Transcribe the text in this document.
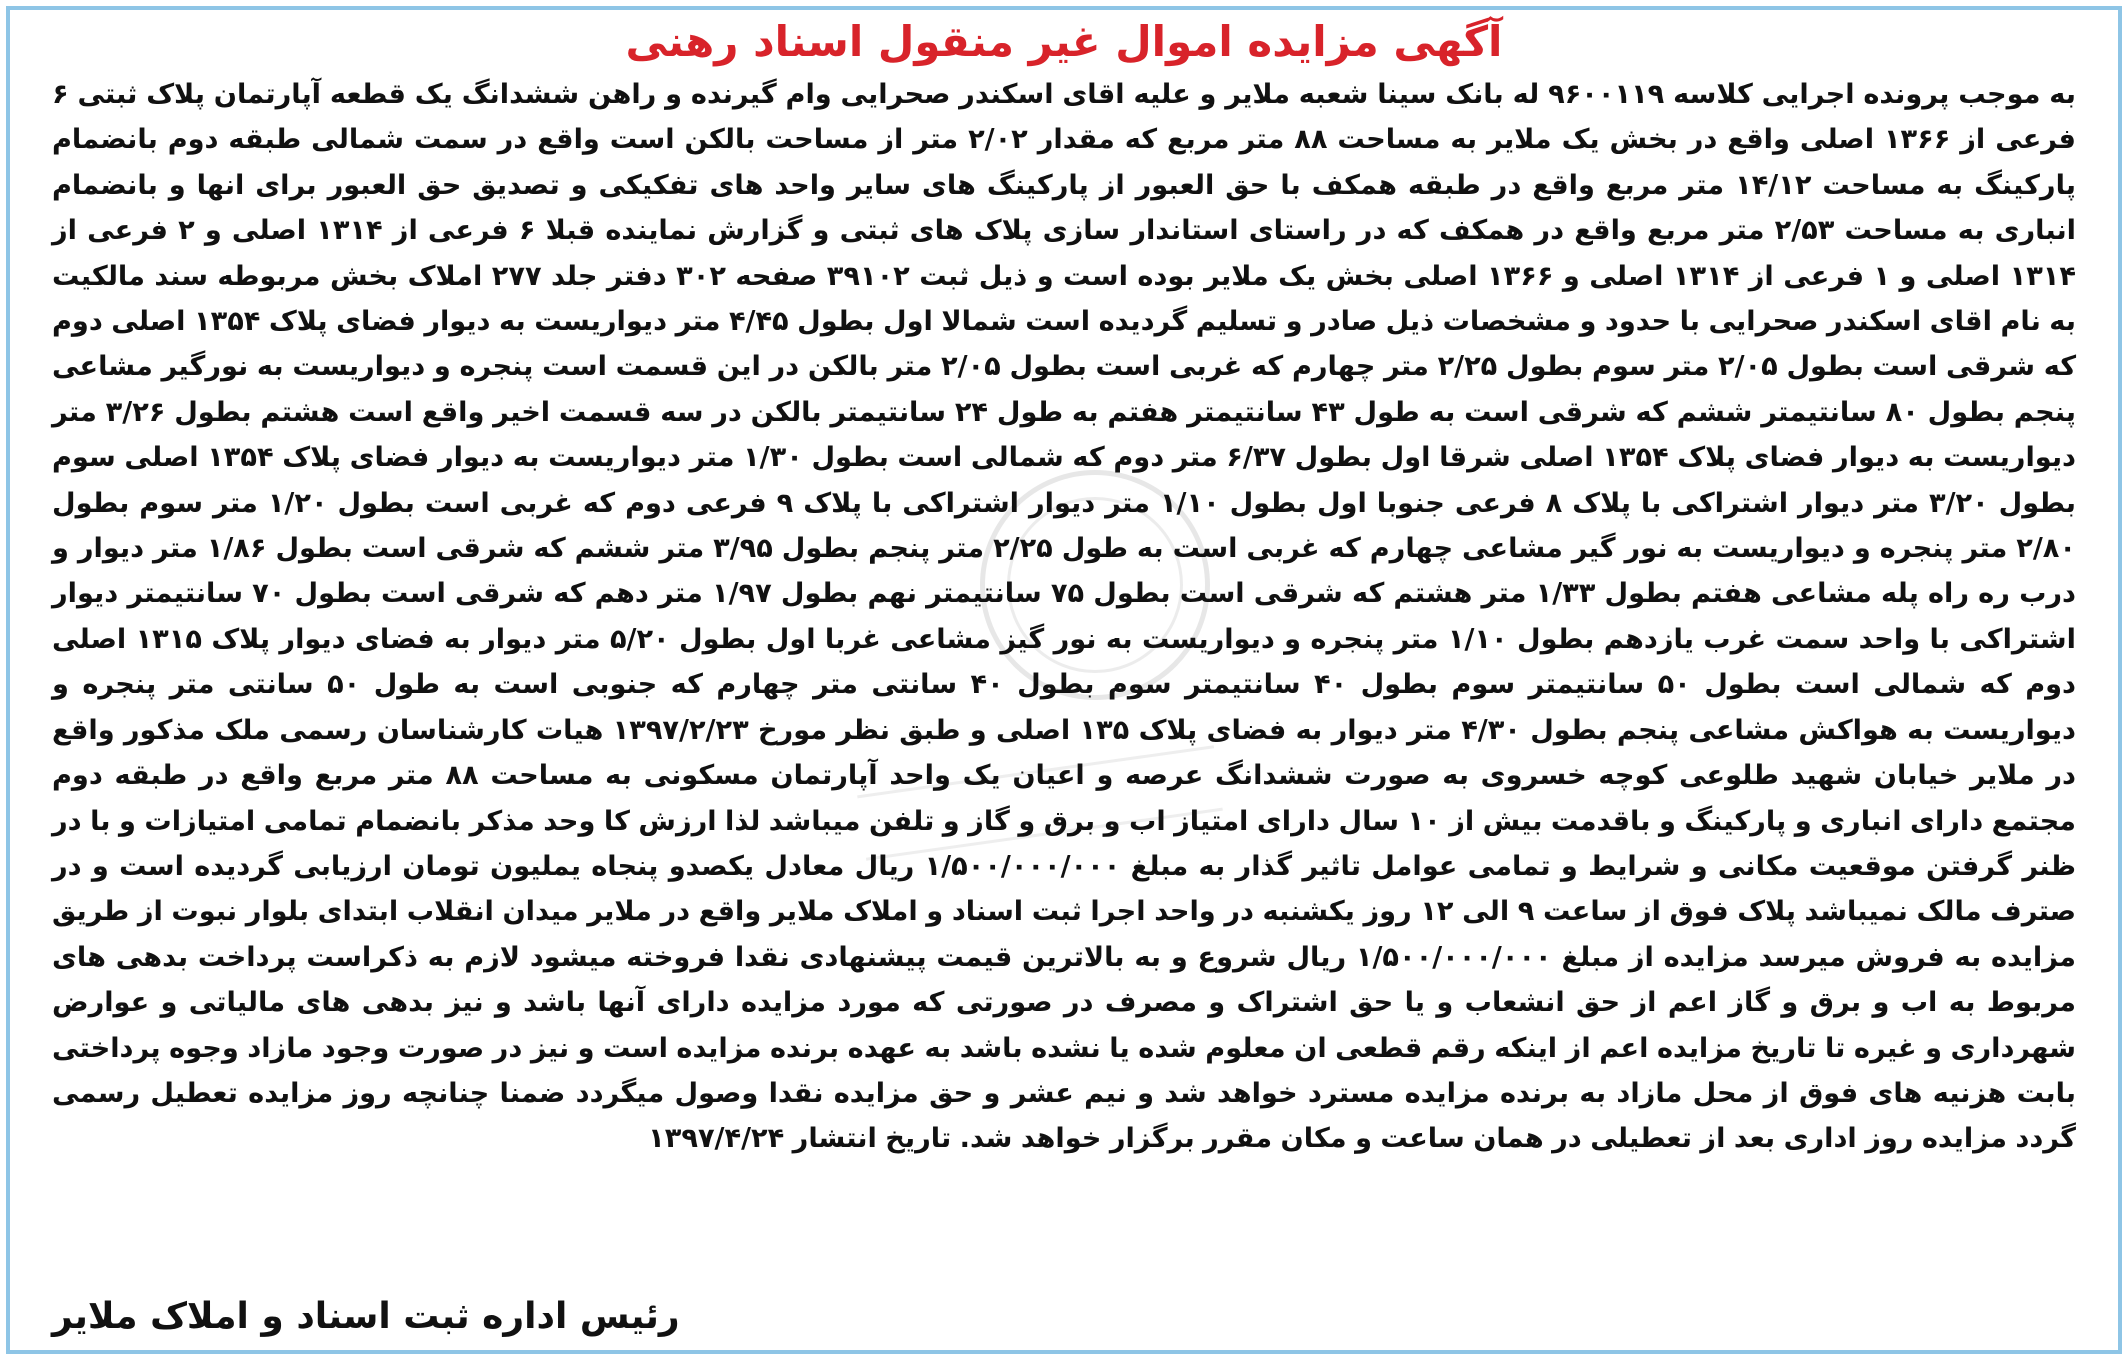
آگهی مزایده اموال غیر منقول اسناد رهنی
به موجب پرونده اجرایی کلاسه ۹۶۰۰۱۱۹ له بانک سینا شعبه ملایر و علیه اقای اسکندر صحرایی وام گیرنده و راهن ششدانگ یک قطعه آپارتمان پلاک ثبتی ۶ فرعی از ۱۳۶۶ اصلی واقع در بخش یک ملایر به مساحت ۸۸ متر مربع که مقدار ۲/۰۲ متر از مساحت بالکن است واقع در سمت شمالی طبقه دوم بانضمام پارکینگ به مساحت ۱۴/۱۲ متر مربع واقع در طبقه همکف با حق العبور از پارکینگ های سایر واحد های تفکیکی و تصدیق حق العبور برای انها و بانضمام انباری به مساحت ۲/۵۳ متر مربع واقع در همکف که در راستای استاندار سازی پلاک های ثبتی و گزارش نماینده قبلا ۶ فرعی از ۱۳۱۴ اصلی و ۲ فرعی از ۱۳۱۴ اصلی و ۱ فرعی از ۱۳۱۴ اصلی و ۱۳۶۶ اصلی بخش یک ملایر بوده است و ذیل ثبت ۳۹۱۰۲ صفحه ۳۰۲ دفتر جلد ۲۷۷ املاک بخش مربوطه سند مالکیت به نام اقای اسکندر صحرایی با حدود و مشخصات ذیل صادر و تسلیم گردیده است شمالا اول بطول ۴/۴۵ متر دیواریست به دیوار فضای پلاک ۱۳۵۴ اصلی دوم که شرقی است بطول ۲/۰۵ متر سوم بطول ۲/۲۵ متر چهارم که غربی است بطول ۲/۰۵ متر بالکن در این قسمت است پنجره و دیواریست به نورگیر مشاعی پنجم بطول ۸۰ سانتیمتر ششم که شرقی است به طول ۴۳ سانتیمتر هفتم به طول ۲۴ سانتیمتر بالکن در سه قسمت اخیر واقع است هشتم بطول ۳/۲۶ متر دیواریست به دیوار فضای پلاک ۱۳۵۴ اصلی شرقا اول بطول ۶/۳۷ متر دوم که شمالی است بطول ۱/۳۰ متر دیواریست به دیوار فضای پلاک ۱۳۵۴ اصلی سوم بطول ۳/۲۰ متر دیوار اشتراکی با پلاک ۸ فرعی جنوبا اول بطول ۱/۱۰ متر دیوار اشتراکی با پلاک ۹ فرعی دوم که غربی است بطول ۱/۲۰ متر سوم بطول ۲/۸۰ متر پنجره و دیواریست به نور گیر مشاعی چهارم که غربی است به طول ۲/۲۵ متر پنجم بطول ۳/۹۵ متر ششم که شرقی است بطول ۱/۸۶ متر دیوار و درب ره راه پله مشاعی هفتم بطول ۱/۳۳ متر هشتم که شرقی است بطول ۷۵ سانتیمتر نهم بطول ۱/۹۷ متر دهم که شرقی است بطول ۷۰ سانتیمتر دیوار اشتراکی با واحد سمت غرب یازدهم بطول ۱/۱۰ متر پنجره و دیواریست به نور گیز مشاعی غربا اول بطول ۵/۲۰ متر دیوار به فضای دیوار پلاک ۱۳۱۵ اصلی دوم که شمالی است بطول ۵۰ سانتیمتر سوم بطول ۴۰ سانتیمتر سوم بطول ۴۰ سانتی متر چهارم که جنوبی است به طول ۵۰ سانتی متر پنجره و دیواریست به هواکش مشاعی پنجم بطول ۴/۳۰ متر دیوار به فضای پلاک ۱۳۵ اصلی و طبق نظر مورخ ۱۳۹۷/۲/۲۳ هیات کارشناسان رسمی ملک مذکور واقع در ملایر خیابان شهید طلوعی کوچه خسروی به صورت ششدانگ عرصه و اعیان یک واحد آپارتمان مسکونی به مساحت ۸۸ متر مربع واقع در طبقه دوم مجتمع دارای انباری و پارکینگ و باقدمت بیش از ۱۰ سال دارای امتیاز اب و برق و گاز و تلفن میباشد لذا ارزش کا وحد مذکر بانضمام تمامی امتیازات و با در ظنر گرفتن موقعیت مکانی و شرایط و تمامی عوامل تاثیر گذار به مبلغ ۱/۵۰۰/۰۰۰/۰۰۰ ریال معادل یکصدو پنجاه یملیون تومان ارزیابی گردیده است و در صترف مالک نمیباشد پلاک فوق از ساعت ۹ الی ۱۲ روز یکشنبه در واحد اجرا ثبت اسناد و املاک ملایر واقع در ملایر میدان انقلاب ابتدای بلوار نبوت از طریق مزایده به فروش میرسد مزایده از مبلغ ۱/۵۰۰/۰۰۰/۰۰۰ ریال شروع و به بالاترین قیمت پیشنهادی نقدا فروخته میشود لازم به ذکراست پرداخت بدهی های مربوط به اب و برق و گاز اعم از حق انشعاب و یا حق اشتراک و مصرف در صورتی که مورد مزایده دارای آنها باشد و نیز بدهی های مالیاتی و عوارض شهرداری و غیره تا تاریخ مزایده اعم از اینکه رقم قطعی ان معلوم شده یا نشده باشد به عهده برنده مزایده است و نیز در صورت وجود مازاد وجوه پرداختی بابت هزنیه های فوق از محل مازاد به برنده مزایده مسترد خواهد شد و نیم عشر و حق مزایده نقدا وصول میگردد ضمنا چنانچه روز مزایده تعطیل رسمی گردد مزایده روز اداری بعد از تعطیلی در همان ساعت و مکان مقرر برگزار خواهد شد. تاریخ انتشار ۱۳۹۷/۴/۲۴
رئیس اداره ثبت اسناد و املاک ملایر
